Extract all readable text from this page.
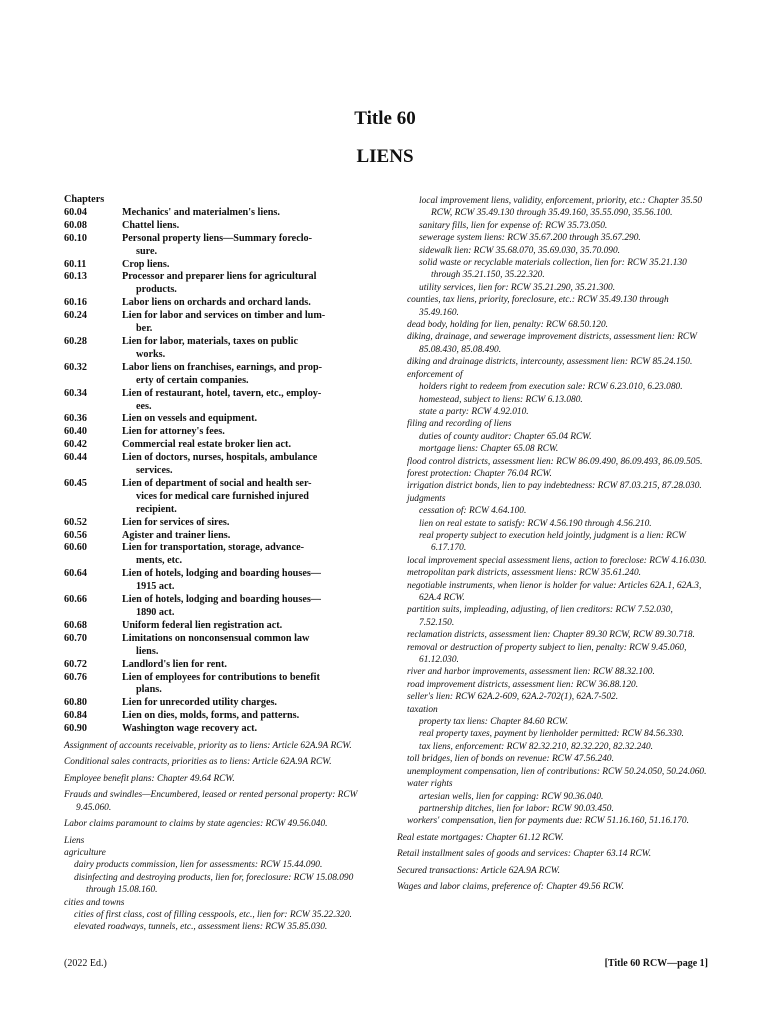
Title 60
LIENS
Chapters
60.04	Mechanics' and materialmen's liens.
60.08	Chattel liens.
60.10	Personal property liens—Summary foreclo-
sure.
60.11	Crop liens.
60.13	Processor and preparer liens for agricultural
products.
60.16	Labor liens on orchards and orchard lands.
60.24	Lien for labor and services on timber and lum-
ber.
60.28	Lien for labor, materials, taxes on public
works.
60.32	Labor liens on franchises, earnings, and prop-
erty of certain companies.
60.34	Lien of restaurant, hotel, tavern, etc., employ-
ees.
60.36	Lien on vessels and equipment.
60.40	Lien for attorney's fees.
60.42	Commercial real estate broker lien act.
60.44	Lien of doctors, nurses, hospitals, ambulance
services.
60.45	Lien of department of social and health ser-
vices for medical care furnished injured
recipient.
60.52	Lien for services of sires.
60.56	Agister and trainer liens.
60.60	Lien for transportation, storage, advance-
ments, etc.
60.64	Lien of hotels, lodging and boarding houses—
1915 act.
60.66	Lien of hotels, lodging and boarding houses—
1890 act.
60.68	Uniform federal lien registration act.
60.70	Limitations on nonconsensual common law
liens.
60.72	Landlord's lien for rent.
60.76	Lien of employees for contributions to benefit
plans.
60.80	Lien for unrecorded utility charges.
60.84	Lien on dies, molds, forms, and patterns.
60.90	Washington wage recovery act.
Assignment of accounts receivable, priority as to liens: Article 62A.9A RCW.
Conditional sales contracts, priorities as to liens: Article 62A.9A RCW.
Employee benefit plans: Chapter 49.64 RCW.
Frauds and swindles—Encumbered, leased or rented personal property: RCW 9.45.060.
Labor claims paramount to claims by state agencies: RCW 49.56.040.
Liens
agriculture
dairy products commission, lien for assessments: RCW 15.44.090.
disinfecting and destroying products, lien for, foreclosure: RCW 15.08.090 through 15.08.160.
cities and towns
cities of first class, cost of filling cesspools, etc., lien for: RCW 35.22.320.
elevated roadways, tunnels, etc., assessment liens: RCW 35.85.030.
local improvement liens, validity, enforcement, priority, etc.: Chapter 35.50 RCW, RCW 35.49.130 through 35.49.160, 35.55.090, 35.56.100.
sanitary fills, lien for expense of: RCW 35.73.050.
sewerage system liens: RCW 35.67.200 through 35.67.290.
sidewalk lien: RCW 35.68.070, 35.69.030, 35.70.090.
solid waste or recyclable materials collection, lien for: RCW 35.21.130 through 35.21.150, 35.22.320.
utility services, lien for: RCW 35.21.290, 35.21.300.
counties, tax liens, priority, foreclosure, etc.: RCW 35.49.130 through 35.49.160.
dead body, holding for lien, penalty: RCW 68.50.120.
diking, drainage, and sewerage improvement districts, assessment lien: RCW 85.08.430, 85.08.490.
diking and drainage districts, intercounty, assessment lien: RCW 85.24.150.
enforcement of
holders right to redeem from execution sale: RCW 6.23.010, 6.23.080.
homestead, subject to liens: RCW 6.13.080.
state a party: RCW 4.92.010.
filing and recording of liens
duties of county auditor: Chapter 65.04 RCW.
mortgage liens: Chapter 65.08 RCW.
flood control districts, assessment lien: RCW 86.09.490, 86.09.493, 86.09.505.
forest protection: Chapter 76.04 RCW.
irrigation district bonds, lien to pay indebtedness: RCW 87.03.215, 87.28.030.
judgments
cessation of: RCW 4.64.100.
lien on real estate to satisfy: RCW 4.56.190 through 4.56.210.
real property subject to execution held jointly, judgment is a lien: RCW 6.17.170.
local improvement special assessment liens, action to foreclose: RCW 4.16.030.
metropolitan park districts, assessment liens: RCW 35.61.240.
negotiable instruments, when lienor is holder for value: Articles 62A.1, 62A.3, 62A.4 RCW.
partition suits, impleading, adjusting, of lien creditors: RCW 7.52.030, 7.52.150.
reclamation districts, assessment lien: Chapter 89.30 RCW, RCW 89.30.718.
removal or destruction of property subject to lien, penalty: RCW 9.45.060, 61.12.030.
river and harbor improvements, assessment lien: RCW 88.32.100.
road improvement districts, assessment lien: RCW 36.88.120.
seller's lien: RCW 62A.2-609, 62A.2-702(1), 62A.7-502.
taxation
property tax liens: Chapter 84.60 RCW.
real property taxes, payment by lienholder permitted: RCW 84.56.330.
tax liens, enforcement: RCW 82.32.210, 82.32.220, 82.32.240.
toll bridges, lien of bonds on revenue: RCW 47.56.240.
unemployment compensation, lien of contributions: RCW 50.24.050, 50.24.060.
water rights
artesian wells, lien for capping: RCW 90.36.040.
partnership ditches, lien for labor: RCW 90.03.450.
workers' compensation, lien for payments due: RCW 51.16.160, 51.16.170.
Real estate mortgages: Chapter 61.12 RCW.
Retail installment sales of goods and services: Chapter 63.14 RCW.
Secured transactions: Article 62A.9A RCW.
Wages and labor claims, preference of: Chapter 49.56 RCW.
(2022 Ed.)	[Title 60 RCW—page 1]
